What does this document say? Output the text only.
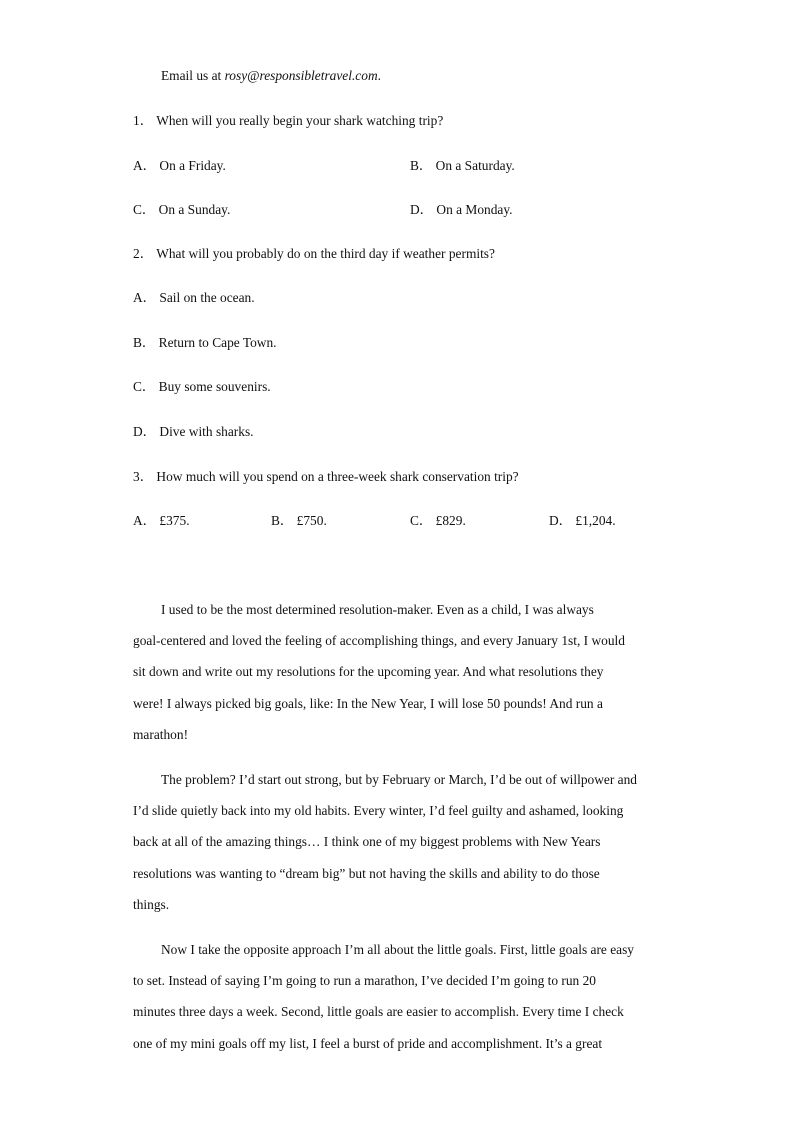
Email us at rosy@responsibletravel.com.
1． When will you really begin your shark watching trip?
A． On a Friday.	B． On a Saturday.
C． On a Sunday.	D． On a Monday.
2． What will you probably do on the third day if weather permits?
A． Sail on the ocean.
B． Return to Cape Town.
C． Buy some souvenirs.
D． Dive with sharks.
3． How much will you spend on a three-week shark conservation trip?
A． £375.	B． £750.	C． £829.	D． £1,204.
I used to be the most determined resolution-maker. Even as a child, I was always
goal-centered and loved the feeling of accomplishing things, and every January 1st, I would
sit down and write out my resolutions for the upcoming year. And what resolutions they
were! I always picked big goals, like: In the New Year, I will lose 50 pounds! And run a
marathon!
The problem? I’d start out strong, but by February or March, I’d be out of willpower and
I’d slide quietly back into my old habits. Every winter, I’d feel guilty and ashamed, looking
back at all of the amazing things… I think one of my biggest problems with New Years
resolutions was wanting to “dream big” but not having the skills and ability to do those
things.
Now I take the opposite approach I’m all about the little goals. First, little goals are easy
to set. Instead of saying I’m going to run a marathon, I’ve decided I’m going to run 20
minutes three days a week. Second, little goals are easier to accomplish. Every time I check
one of my mini goals off my list, I feel a burst of pride and accomplishment. It’s a great
